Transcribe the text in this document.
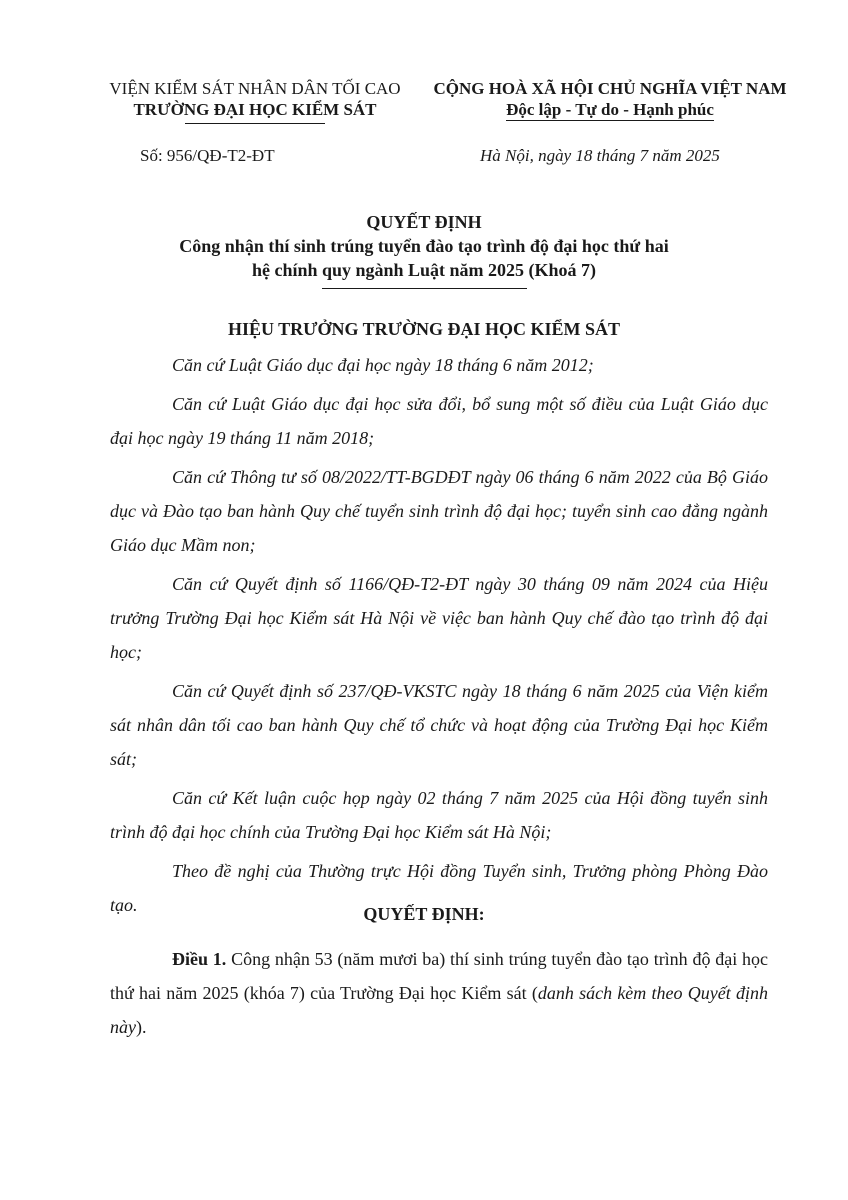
VIỆN KIỂM SÁT NHÂN DÂN TỐI CAO
TRƯỜNG ĐẠI HỌC KIỂM SÁT
CỘNG HOÀ XÃ HỘI CHỦ NGHĨA VIỆT NAM
Độc lập - Tự do - Hạnh phúc
Số: 956/QĐ-T2-ĐT	Hà Nội, ngày 18 tháng 7 năm 2025
QUYẾT ĐỊNH
Công nhận thí sinh trúng tuyển đào tạo trình độ đại học thứ hai
hệ chính quy ngành Luật năm 2025 (Khoá 7)
HIỆU TRƯỞNG TRƯỜNG ĐẠI HỌC KIỂM SÁT

Căn cứ Luật Giáo dục đại học ngày 18 tháng 6 năm 2012;

Căn cứ Luật Giáo dục đại học sửa đổi, bổ sung một số điều của Luật Giáo dục đại học ngày 19 tháng 11 năm 2018;

Căn cứ Thông tư số 08/2022/TT-BGDĐT ngày 06 tháng 6 năm 2022 của Bộ Giáo dục và Đào tạo ban hành Quy chế tuyển sinh trình độ đại học; tuyển sinh cao đẳng ngành Giáo dục Mầm non;

Căn cứ Quyết định số 1166/QĐ-T2-ĐT ngày 30 tháng 09 năm 2024 của Hiệu trưởng Trường Đại học Kiểm sát Hà Nội về việc ban hành Quy chế đào tạo trình độ đại học;

Căn cứ Quyết định số 237/QĐ-VKSTC ngày 18 tháng 6 năm 2025 của Viện kiểm sát nhân dân tối cao ban hành Quy chế tổ chức và hoạt động của Trường Đại học Kiểm sát;

Căn cứ Kết luận cuộc họp ngày 02 tháng 7 năm 2025 của Hội đồng tuyển sinh trình độ đại học chính của Trường Đại học Kiểm sát Hà Nội;

Theo đề nghị của Thường trực Hội đồng Tuyển sinh, Trưởng phòng Phòng Đào tạo.	QUYẾT ĐỊNH:

Điều 1. Công nhận 53 (năm mươi ba) thí sinh trúng tuyển đào tạo trình độ đại học thứ hai năm 2025 (khóa 7) của Trường Đại học Kiểm sát (danh sách kèm theo Quyết định này).
